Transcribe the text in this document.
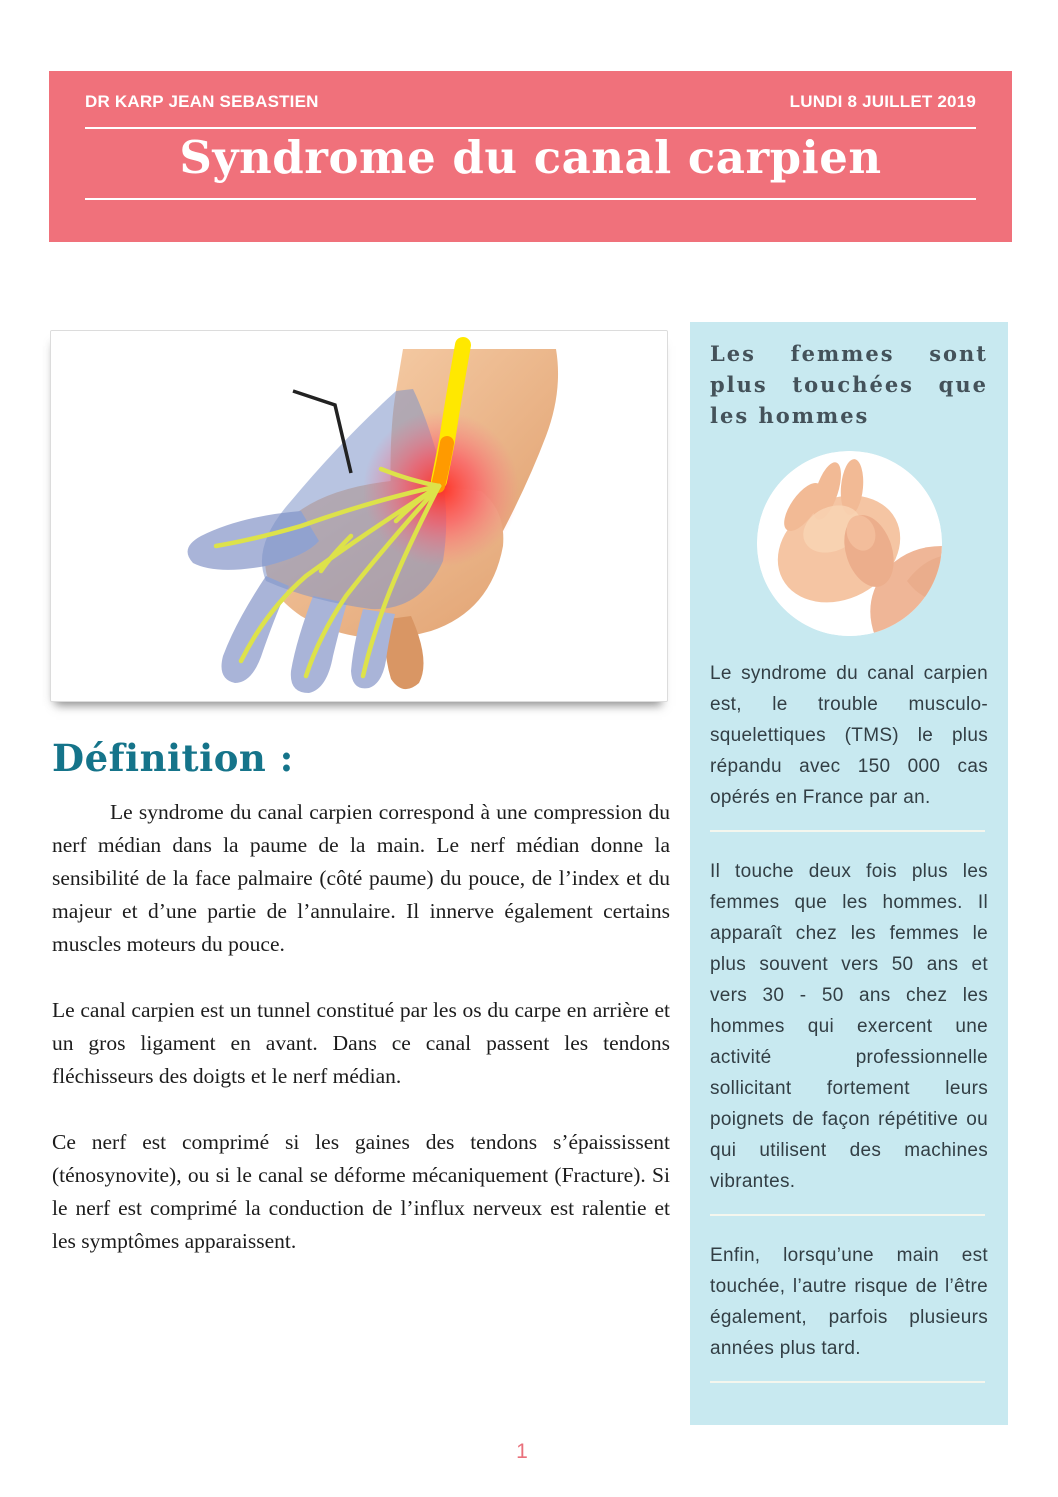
DR KARP JEAN SEBASTIEN	LUNDI 8 JUILLET 2019
Syndrome du canal carpien
Définition :

Le syndrome du canal carpien correspond à une compression du nerf médian dans la paume de la main. Le nerf médian donne la sensibilité de la face palmaire (côté paume) du pouce, de l’index et du majeur et d’une partie de l’annulaire. Il innerve également certains muscles moteurs du pouce.

Le canal carpien est un tunnel constitué par les os du carpe en arrière et un gros ligament en avant. Dans ce canal passent les tendons fléchisseurs des doigts et le nerf médian.

Ce nerf est comprimé si les gaines des tendons s’épaississent (ténosynovite), ou si le canal se déforme mécaniquement (Fracture). Si le nerf est comprimé la conduction de l’influx nerveux est ralentie et les symptômes apparaissent.

Les femmes sont plus touchées que les hommes

Le syndrome du canal carpien est, le trouble musculo-squelettiques (TMS) le plus répandu avec 150 000 cas opérés en France par an.

Il touche deux fois plus les femmes que les hommes. Il apparaît chez les femmes le plus souvent vers 50 ans et vers 30 - 50 ans chez les hommes qui exercent une activité professionnelle sollicitant fortement leurs poignets de façon répétitive ou qui utilisent des machines vibrantes.

Enfin, lorsqu’une main est touchée, l’autre risque de l’être également, parfois plusieurs années plus tard.

1
